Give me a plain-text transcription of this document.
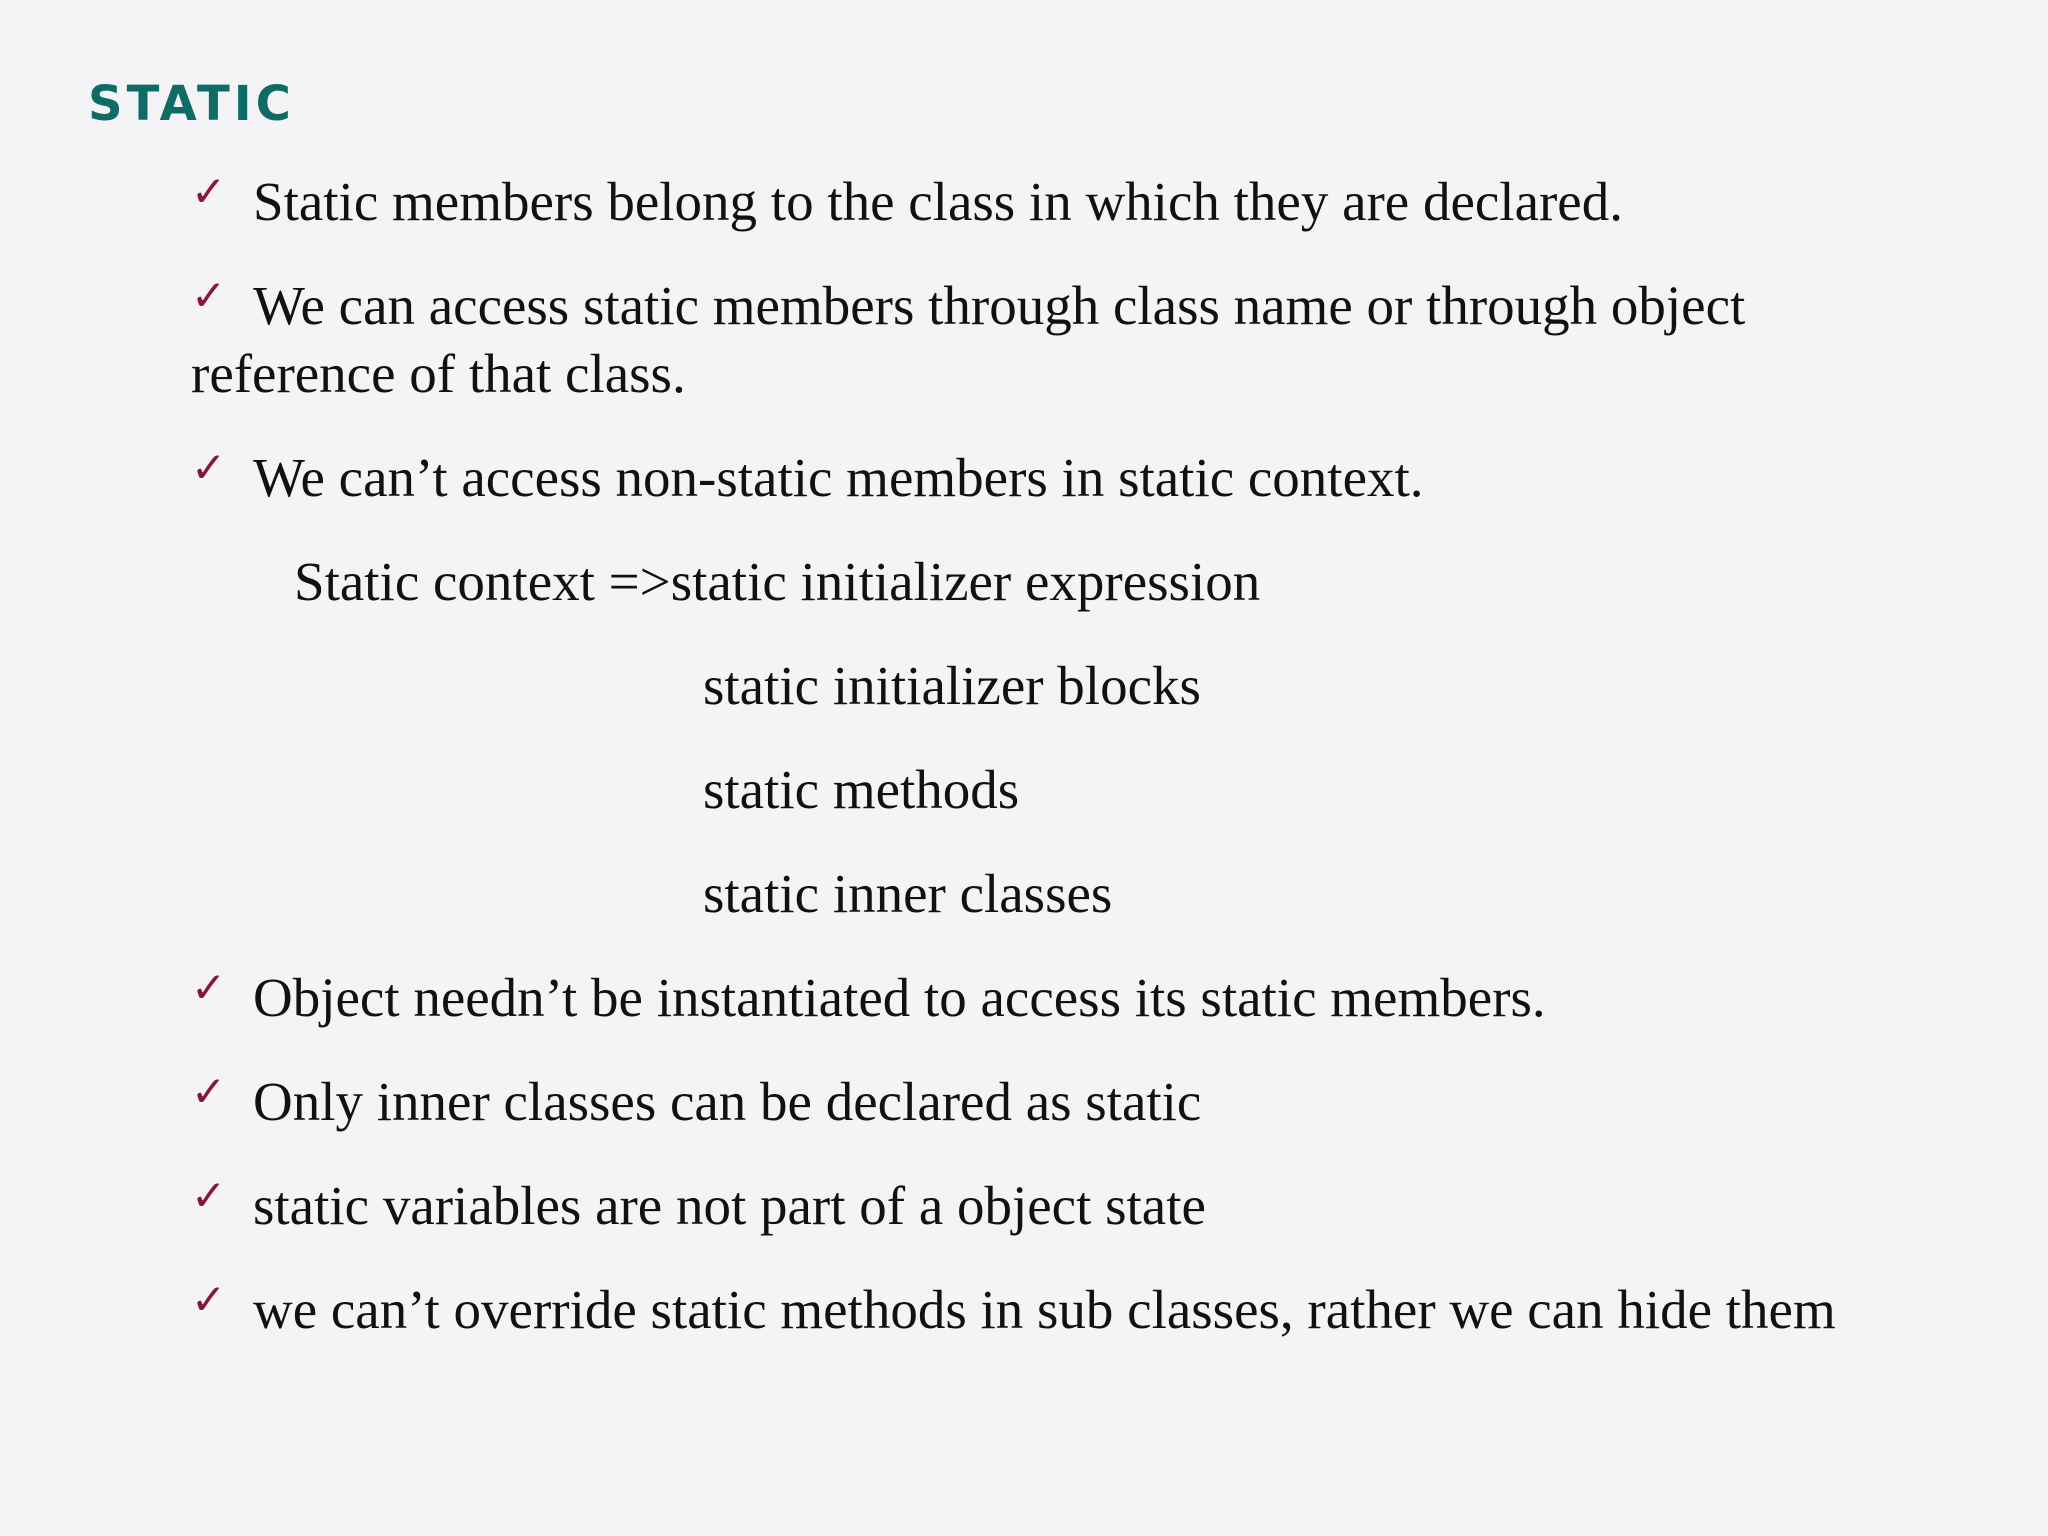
STATIC

✓ Static members belong to the class in which they are declared.

✓ We can access static members through class name or through object

reference of that class.

✓ We can’t access non-static members in static context.

Static context =>static initializer expression

static initializer blocks

static methods

static inner classes

✓ Object needn’t be instantiated to access its static members.

✓ Only inner classes can be declared as static

✓ static variables are not part of a object state

✓ we can’t override static methods in sub classes, rather we can hide them
